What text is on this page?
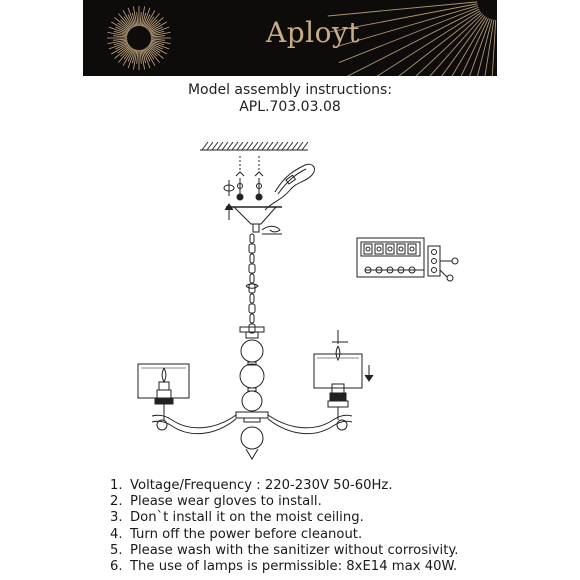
Aployt
Model assembly instructions:
APL.703.03.08
1. Voltage/Frequency : 220-230V 50-60Hz.
2. Please wear gloves to install.
3. Don`t install it on the moist ceiling.
4. Turn off the power before cleanout.
5. Please wash with the sanitizer without corrosivity.
6. The use of lamps is permissible: 8xE14 max 40W.
